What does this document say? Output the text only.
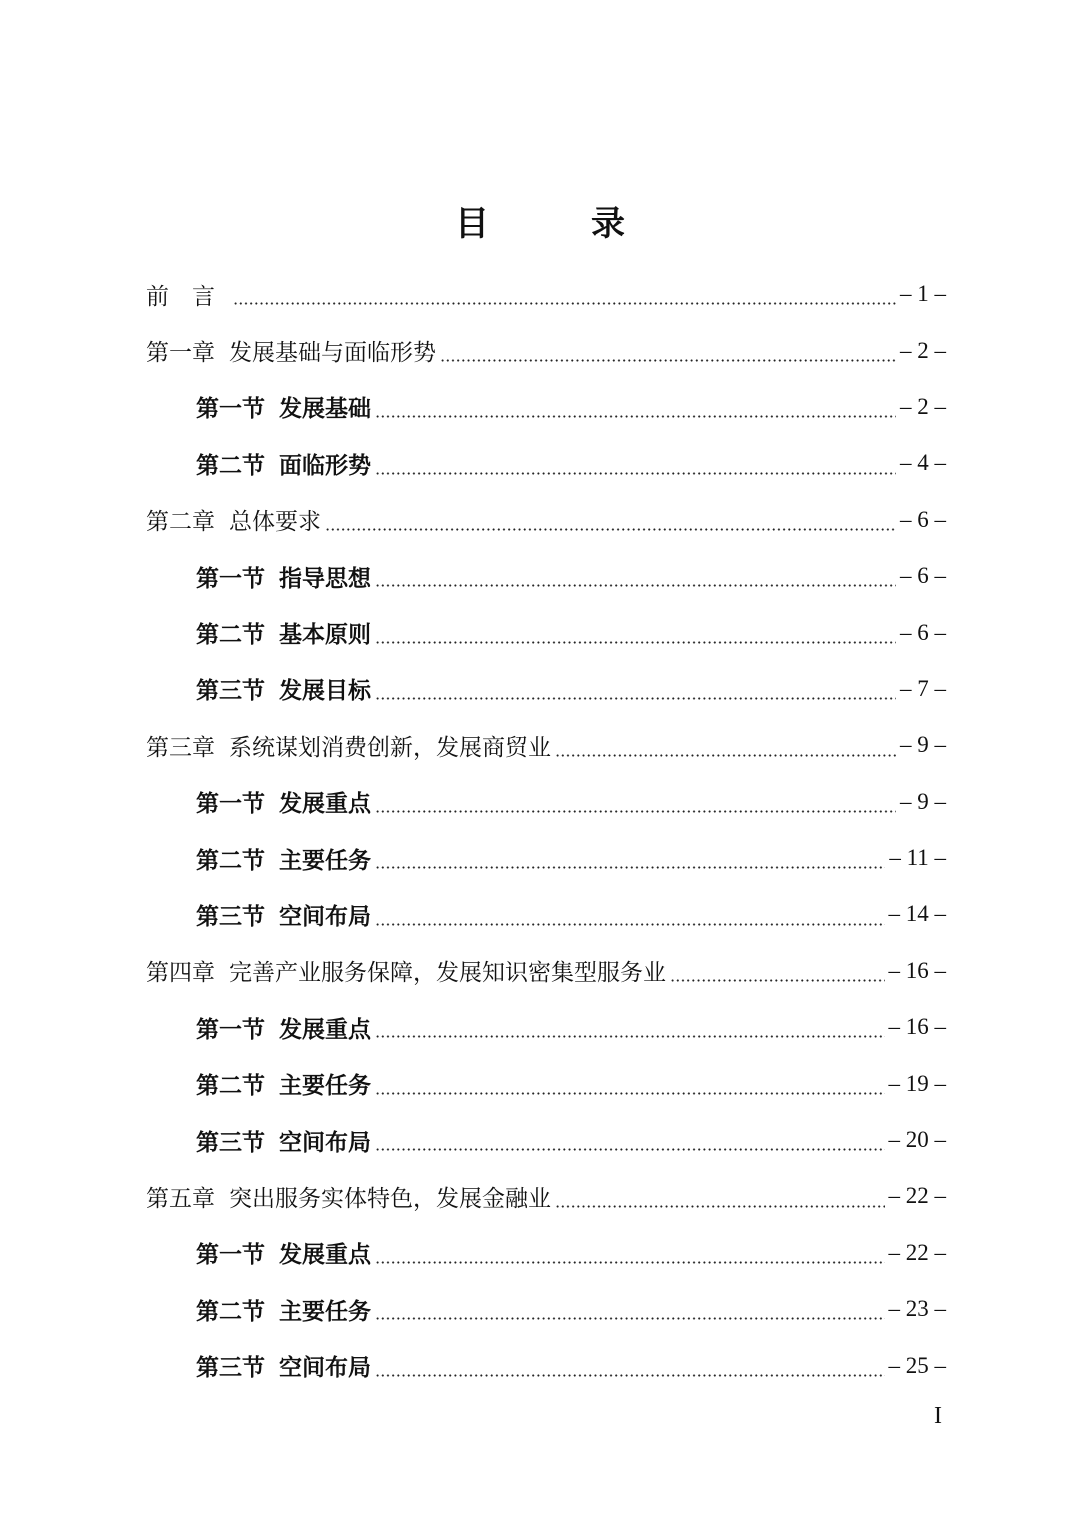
目　录
前　言	– 1 –
第一章 发展基础与面临形势	– 2 –
第一节 发展基础	– 2 –
第二节 面临形势	– 4 –
第二章 总体要求	– 6 –
第一节 指导思想	– 6 –
第二节 基本原则	– 6 –
第三节 发展目标	– 7 –
第三章 系统谋划消费创新，发展商贸业	– 9 –
第一节 发展重点	– 9 –
第二节 主要任务	– 11 –
第三节 空间布局	– 14 –
第四章 完善产业服务保障，发展知识密集型服务业	– 16 –
第一节 发展重点	– 16 –
第二节 主要任务	– 19 –
第三节 空间布局	– 20 –
第五章 突出服务实体特色，发展金融业	– 22 –
第一节 发展重点	– 22 –
第二节 主要任务	– 23 –
第三节 空间布局	– 25 –
I
